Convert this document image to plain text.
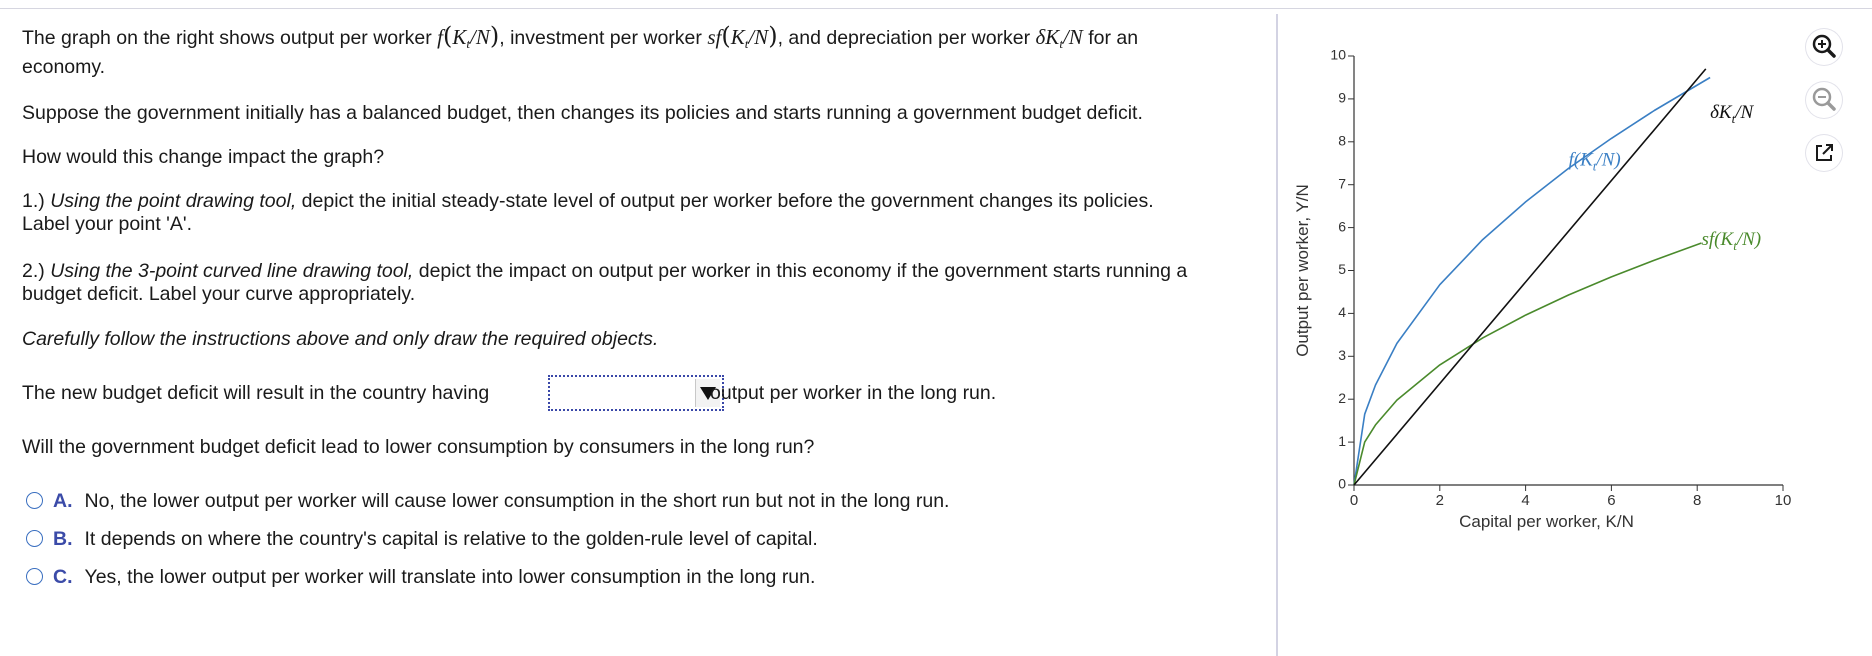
The graph on the right shows output per worker $f(K_t/N)$, investment per worker $sf(K_t/N)$, and depreciation per worker $\delta K_t/N$ for an
economy.
Suppose the government initially has a balanced budget, then changes its policies and starts running a government budget deficit.
How would this change impact the graph?
1.) Using the point drawing tool, depict the initial steady-state level of output per worker before the government changes its policies.
Label your point 'A'.
2.) Using the 3-point curved line drawing tool, depict the impact on output per worker in this economy if the government starts running a
budget deficit. Label your curve appropriately.
Carefully follow the instructions above and only draw the required objects.
The new budget deficit will result in the country having	output per worker in the long run.
Will the government budget deficit lead to lower consumption by consumers in the long run?
A. No, the lower output per worker will cause lower consumption in the short run but not in the long run.
B. It depends on where the country's capital is relative to the golden-rule level of capital.
C. Yes, the lower output per worker will translate into lower consumption in the long run.
0
1
2
3
4
5
6
7
8
9
10
0	2	4	6	8	10
Capital per worker, K/N
Output per worker, Y/N
$f(K_t/N)$
$sf(K_t/N)$
$\delta K_t/N$
